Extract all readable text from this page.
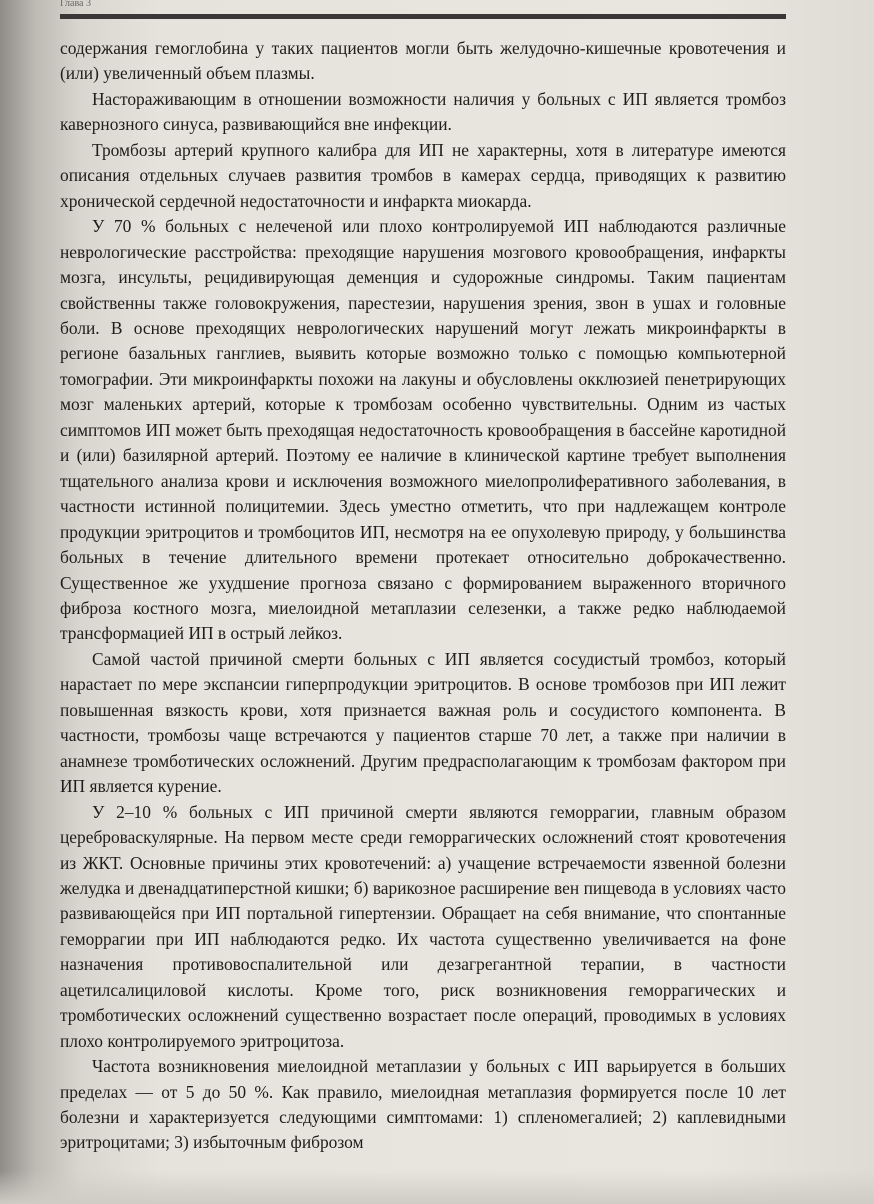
Глава 3

содержания гемоглобина у таких пациентов могли быть желудочно-кишечные кровотечения и (или) увеличенный объем плазмы.

Настораживающим в отношении возможности наличия у больных с ИП является тромбоз кавернозного синуса, развивающийся вне инфекции.

Тромбозы артерий крупного калибра для ИП не характерны, хотя в литературе имеются описания отдельных случаев развития тромбов в камерах сердца, приводящих к развитию хронической сердечной недостаточности и инфаркта миокарда.

У 70 % больных с нелеченой или плохо контролируемой ИП наблюдаются различные неврологические расстройства: преходящие нарушения мозгового кровообращения, инфаркты мозга, инсульты, рецидивирующая деменция и судорожные синдромы. Таким пациентам свойственны также головокружения, парестезии, нарушения зрения, звон в ушах и головные боли. В основе преходящих неврологических нарушений могут лежать микроинфаркты в регионе базальных ганглиев, выявить которые возможно только с помощью компьютерной томографии. Эти микроинфаркты похожи на лакуны и обусловлены окклюзией пенетрирующих мозг маленьких артерий, которые к тромбозам особенно чувствительны. Одним из частых симптомов ИП может быть преходящая недостаточность кровообращения в бассейне каротидной и (или) базилярной артерий. Поэтому ее наличие в клинической картине требует выполнения тщательного анализа крови и исключения возможного миелопролиферативного заболевания, в частности истинной полицитемии. Здесь уместно отметить, что при надлежащем контроле продукции эритроцитов и тромбоцитов ИП, несмотря на ее опухолевую природу, у большинства больных в течение длительного времени протекает относительно доброкачественно. Существенное же ухудшение прогноза связано с формированием выраженного вторичного фиброза костного мозга, миелоидной метаплазии селезенки, а также редко наблюдаемой трансформацией ИП в острый лейкоз.

Самой частой причиной смерти больных с ИП является сосудистый тромбоз, который нарастает по мере экспансии гиперпродукции эритроцитов. В основе тромбозов при ИП лежит повышенная вязкость крови, хотя признается важная роль и сосудистого компонента. В частности, тромбозы чаще встречаются у пациентов старше 70 лет, а также при наличии в анамнезе тромботических осложнений. Другим предрасполагающим к тромбозам фактором при ИП является курение.

У 2–10 % больных с ИП причиной смерти являются геморрагии, главным образом цереброваскулярные. На первом месте среди геморрагических осложнений стоят кровотечения из ЖКТ. Основные причины этих кровотечений: а) учащение встречаемости язвенной болезни желудка и двенадцатиперстной кишки; б) варикозное расширение вен пищевода в условиях часто развивающейся при ИП портальной гипертензии. Обращает на себя внимание, что спонтанные геморрагии при ИП наблюдаются редко. Их частота существенно увеличивается на фоне назначения противовоспалительной или дезагрегантной терапии, в частности ацетилсалициловой кислоты. Кроме того, риск возникновения геморрагических и тромботических осложнений существенно возрастает после операций, проводимых в условиях плохо контролируемого эритроцитоза.

Частота возникновения миелоидной метаплазии у больных с ИП варьируется в больших пределах — от 5 до 50 %. Как правило, миелоидная метаплазия формируется после 10 лет болезни и характеризуется следующими симптомами: 1) спленомегалией; 2) каплевидными эритроцитами; 3) избыточным фиброзом
